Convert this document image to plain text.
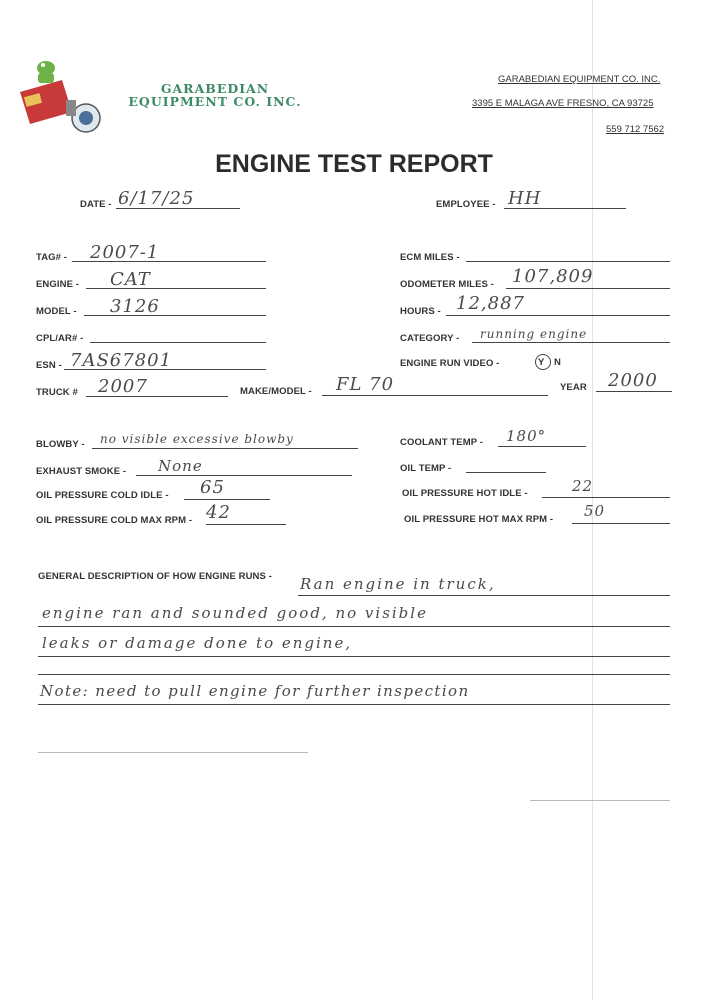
GARABEDIAN EQUIPMENT CO. INC.
GARABEDIAN EQUIPMENT CO. INC.
3395 E MALAGA AVE FRESNO, CA 93725
559 712 7562
ENGINE TEST REPORT
DATE - 6/17/25	EMPLOYEE - HH
TAG# - 2007-1
ENGINE - CAT
MODEL - 3126
CPL/AR# -
ESN - 7AS67801
TRUCK # 2007
ECM MILES -
ODOMETER MILES - 107,809
HOURS - 12,887
CATEGORY - running engine
ENGINE RUN VIDEO -	Y N
MAKE/MODEL - FL 70	YEAR 2000
BLOWBY - no visible excessive blowby
EXHAUST SMOKE - None
OIL PRESSURE COLD IDLE - 65
OIL PRESSURE COLD MAX RPM - 42
COOLANT TEMP - 180°
OIL TEMP -
OIL PRESSURE HOT IDLE -	22
OIL PRESSURE HOT MAX RPM - 50
GENERAL DESCRIPTION OF HOW ENGINE RUNS - Ran engine in truck,
engine ran and sounded good, no visible
leaks or damage done to engine,
Note: need to pull engine for further inspection
